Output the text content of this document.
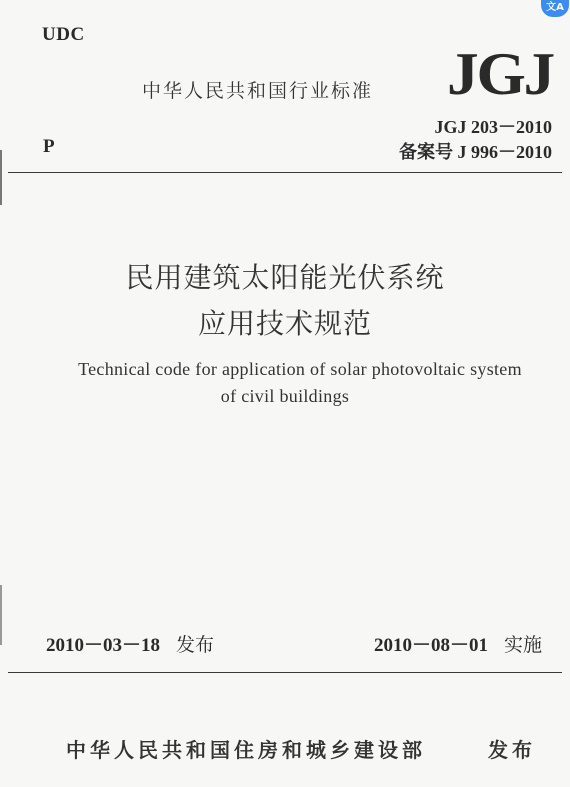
文A
UDC
中华人民共和国行业标准 JGJ
P
JGJ 203－2010
备案号 J 996－2010
民用建筑太阳能光伏系统
应用技术规范
Technical code for application of solar photovoltaic system
of civil buildings
2010－03－18 发布	2010－08－01 实施
中华人民共和国住房和城乡建设部	发布
